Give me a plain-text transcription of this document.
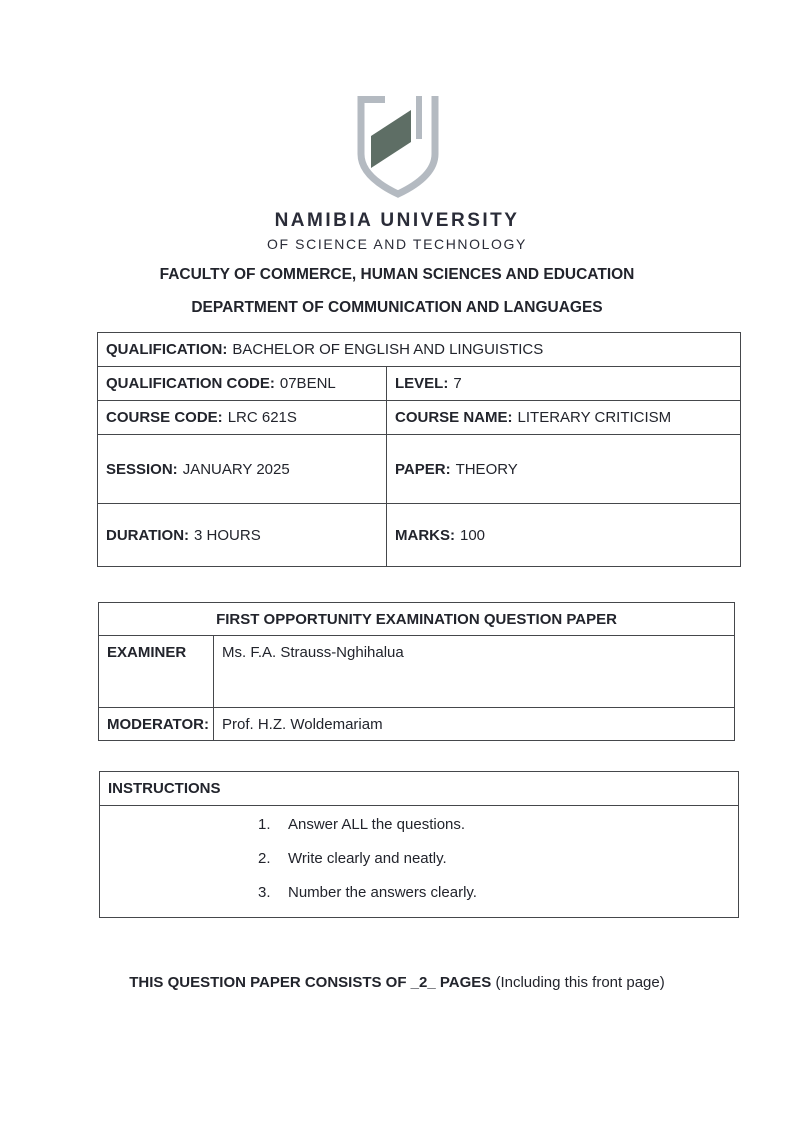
NAMIBIA UNIVERSITY
OF SCIENCE AND TECHNOLOGY
FACULTY OF COMMERCE, HUMAN SCIENCES AND EDUCATION
DEPARTMENT OF COMMUNICATION AND LANGUAGES
QUALIFICATION: BACHELOR OF ENGLISH AND LINGUISTICS	
QUALIFICATION CODE: 07BENL	LEVEL: 7
COURSE CODE: LRC 621S	COURSE NAME: LITERARY CRITICISM
SESSION: JANUARY 2025	PAPER: THEORY
DURATION: 3 HOURS	MARKS: 100
FIRST OPPORTUNITY EXAMINATION QUESTION PAPER	
EXAMINER	Ms. F.A. Strauss-Nghihalua
MODERATOR:	Prof. H.Z. Woldemariam
INSTRUCTIONS

1.	Answer ALL the questions.
2.	Write clearly and neatly.
3.	Number the answers clearly.
THIS QUESTION PAPER CONSISTS OF _2_ PAGES (Including this front page)
